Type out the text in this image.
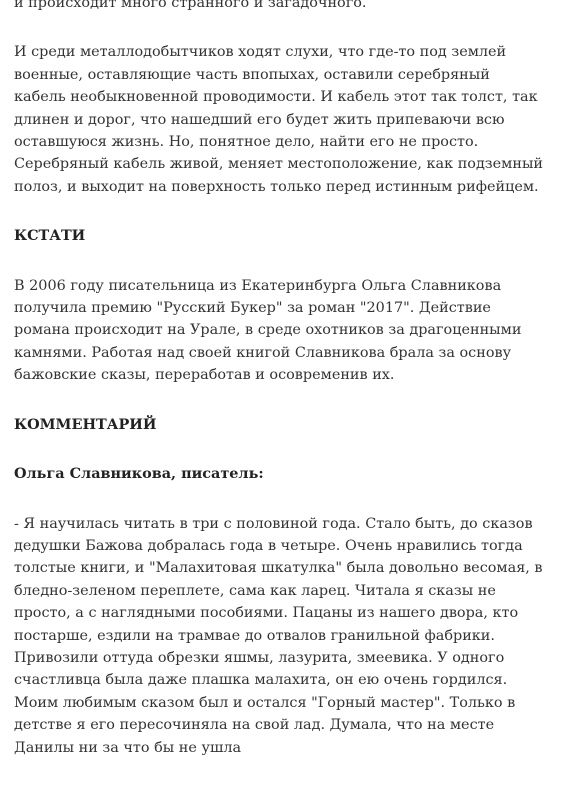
и происходит много странного и загадочного.

И среди металлодобытчиков ходят слухи, что где-то под землей военные, оставляющие часть впопыхах, оставили серебряный кабель необыкновенной проводимости. И кабель этот так толст, так длинен и дорог, что нашедший его будет жить припеваючи всю оставшуюся жизнь. Но, понятное дело, найти его не просто. Серебряный кабель живой, меняет местоположение, как подземный полоз, и выходит на поверхность только перед истинным рифейцем.

КСТАТИ

В 2006 году писательница из Екатеринбурга Ольга Славникова получила премию "Русский Букер" за роман "2017". Действие романа происходит на Урале, в среде охотников за драгоценными камнями. Работая над своей книгой Славникова брала за основу бажовские сказы, переработав и осовременив их.

КОММЕНТАРИЙ

Ольга Славникова, писатель:

- Я научилась читать в три с половиной года. Стало быть, до сказов дедушки Бажова добралась года в четыре. Очень нравились тогда толстые книги, и "Малахитовая шкатулка" была довольно весомая, в бледно-зеленом переплете, сама как ларец. Читала я сказы не просто, а с наглядными пособиями. Пацаны из нашего двора, кто постарше, ездили на трамвае до отвалов гранильной фабрики. Привозили оттуда обрезки яшмы, лазурита, змеевика. У одного счастливца была даже плашка малахита, он ею очень гордился. Моим любимым сказом был и остался "Горный мастер". Только в детстве я его пересочиняла на свой лад. Думала, что на месте Данилы ни за что бы не ушла
